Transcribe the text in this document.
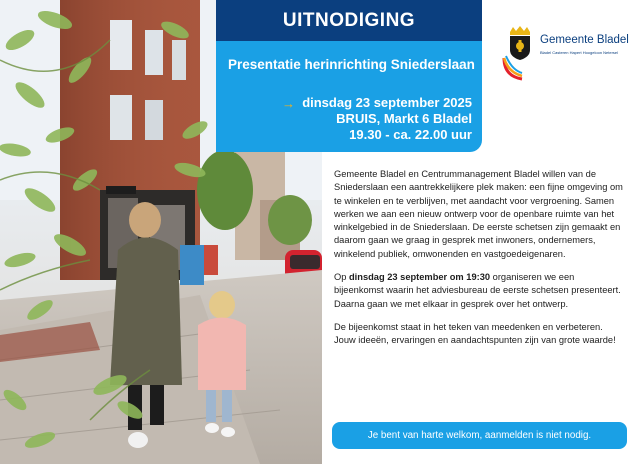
UITNODIGING
Presentatie herinrichting Sniederslaan
→ dinsdag 23 september 2025
BRUIS, Markt 6 Bladel
19.30 - ca. 22.00 uur
Gemeente Bladel
Bladel Casteren Hapert Hoogeloon Netersel

Gemeente Bladel en Centrummanagement Bladel willen van de Sniederslaan een aantrekkelijkere plek maken: een fijne omgeving om te winkelen en te verblijven, met aandacht voor vergroening. Samen werken we aan een nieuw ontwerp voor de openbare ruimte van het winkelgebied in de Sniederslaan. De eerste schetsen zijn gemaakt en daarom gaan we graag in gesprek met inwoners, ondernemers, winkelend publiek, omwonenden en vastgoedeigenaren.

Op dinsdag 23 september om 19:30 organiseren we een bijeenkomst waarin het adviesbureau de eerste schetsen presenteert. Daarna gaan we met elkaar in gesprek over het ontwerp.

De bijeenkomst staat in het teken van meedenken en verbeteren. Jouw ideeën, ervaringen en aandachtspunten zijn van grote waarde!

Je bent van harte welkom, aanmelden is niet nodig.
